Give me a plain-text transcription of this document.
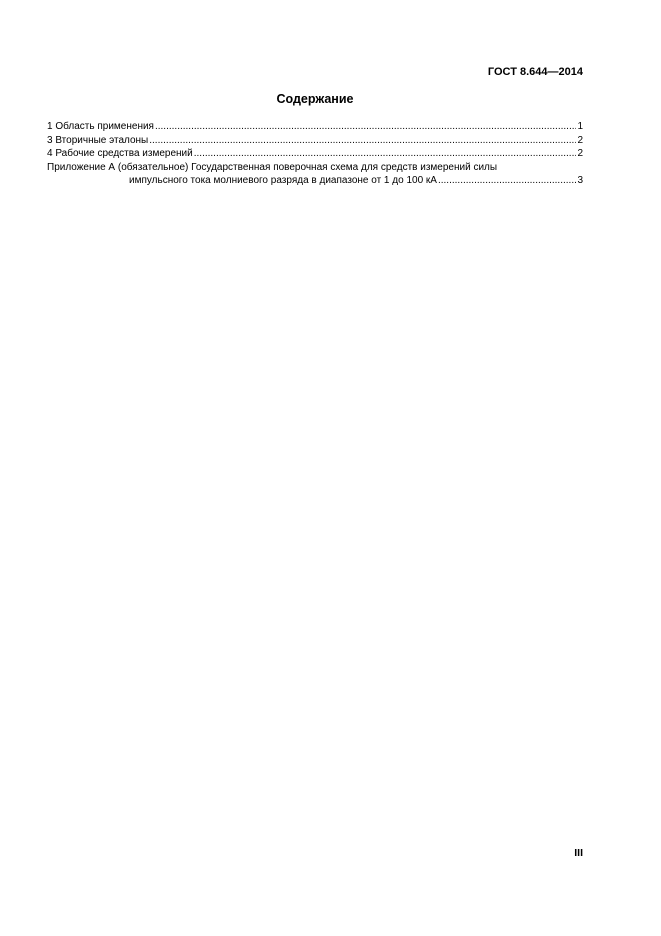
ГОСТ 8.644—2014
Содержание
1 Область применения .....	1
3 Вторичные эталоны .....	2
4 Рабочие средства измерений .....	2
Приложение А (обязательное) Государственная поверочная схема для средств измерений силы
импульсного тока молниевого разряда в диапазоне от 1 до 100 кА .....	3
III
